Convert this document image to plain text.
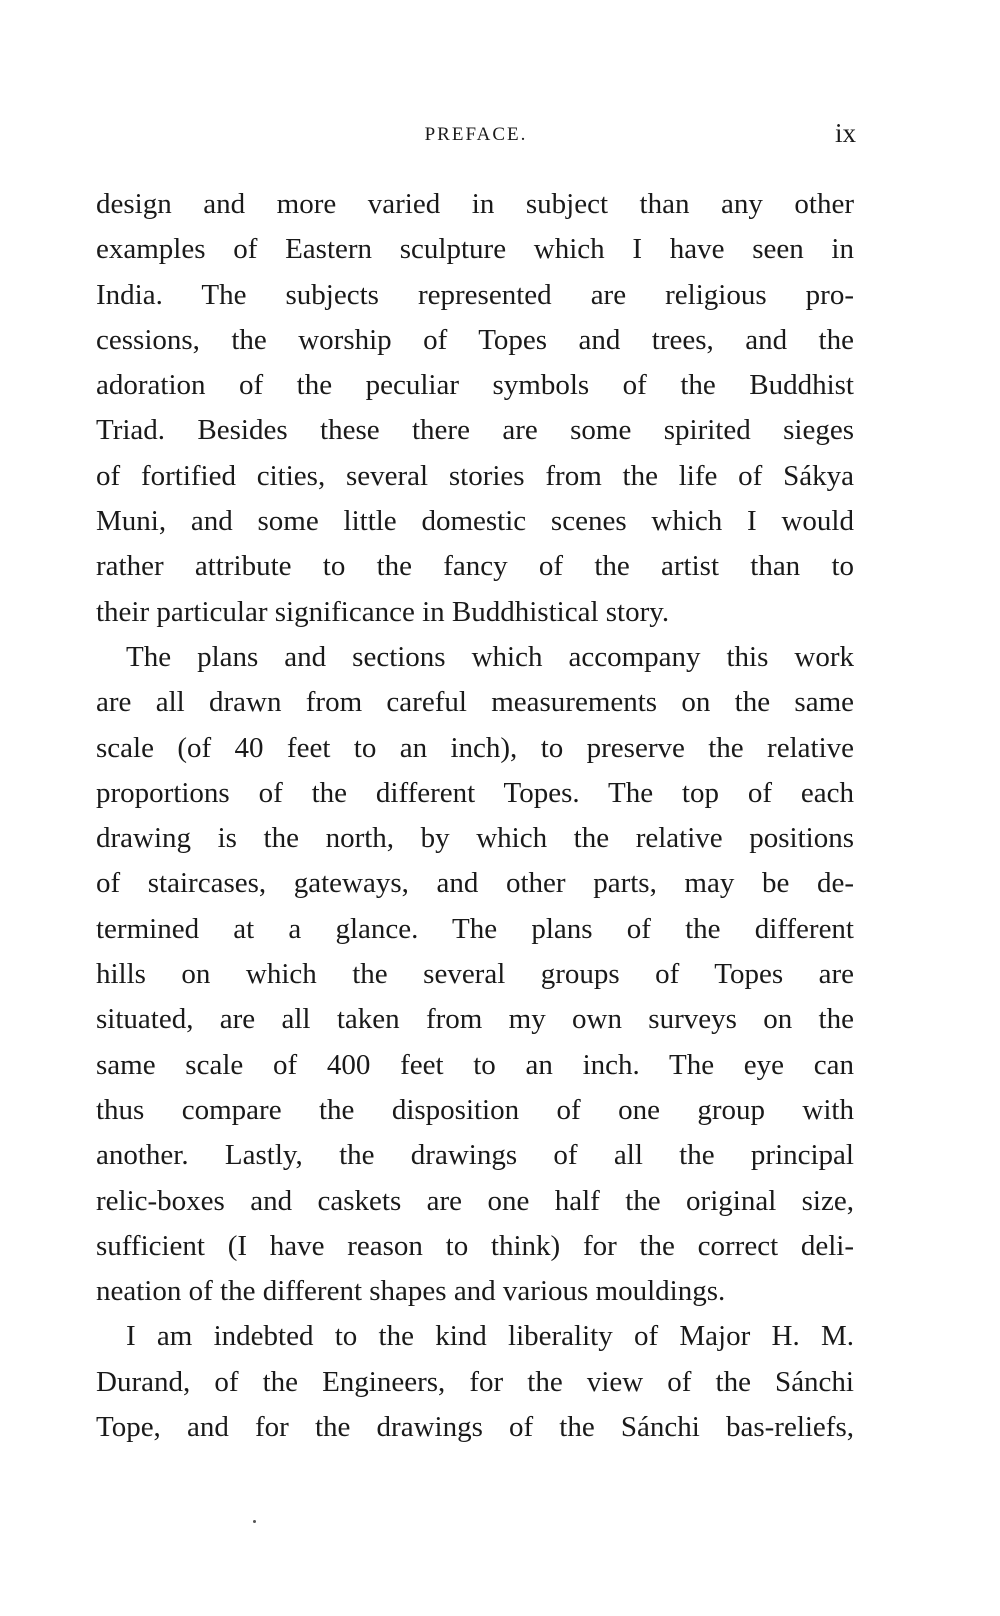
PREFACE.	ix
design and more varied in subject than any other
examples of Eastern sculpture which I have seen in
India. The subjects represented are religious pro-
cessions, the worship of Topes and trees, and the
adoration of the peculiar symbols of the Buddhist
Triad. Besides these there are some spirited sieges
of fortified cities, several stories from the life of Sákya
Muni, and some little domestic scenes which I would
rather attribute to the fancy of the artist than to
their particular significance in Buddhistical story.
The plans and sections which accompany this work
are all drawn from careful measurements on the same
scale (of 40 feet to an inch), to preserve the relative
proportions of the different Topes. The top of each
drawing is the north, by which the relative positions
of staircases, gateways, and other parts, may be de-
termined at a glance. The plans of the different
hills on which the several groups of Topes are
situated, are all taken from my own surveys on the
same scale of 400 feet to an inch. The eye can
thus compare the disposition of one group with
another. Lastly, the drawings of all the principal
relic-boxes and caskets are one half the original size,
sufficient (I have reason to think) for the correct deli-
neation of the different shapes and various mouldings.
I am indebted to the kind liberality of Major H. M.
Durand, of the Engineers, for the view of the Sánchi
Tope, and for the drawings of the Sánchi bas-reliefs,
